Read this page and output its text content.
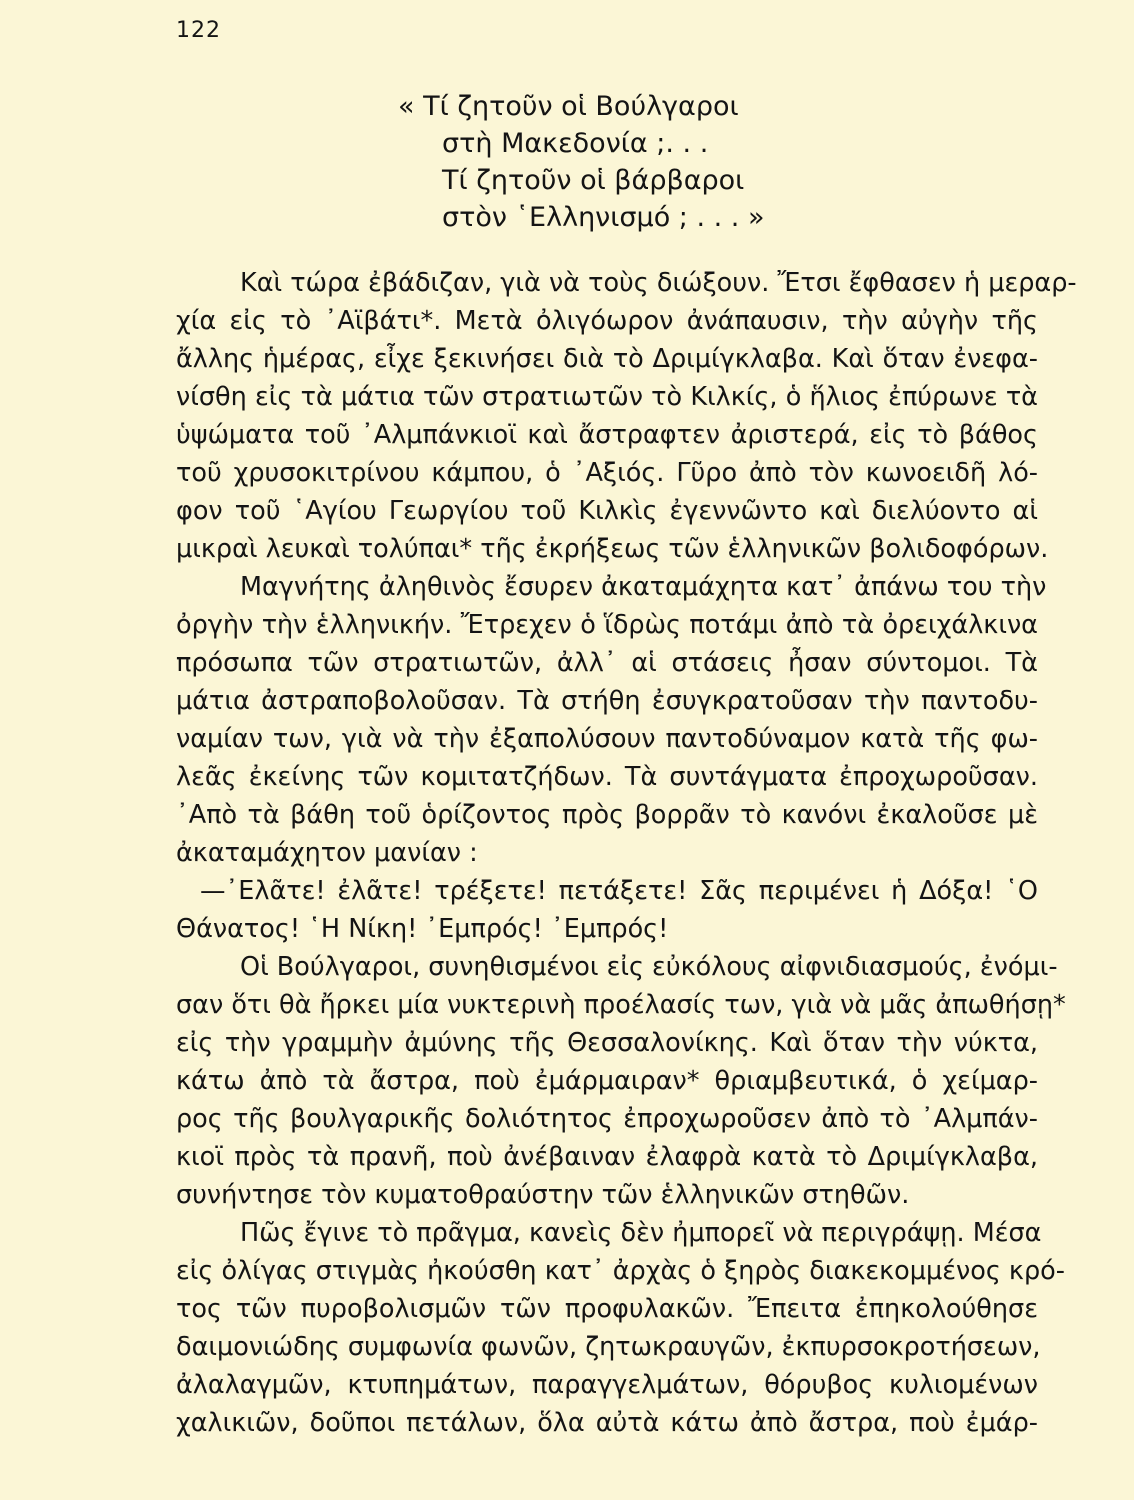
122
« Τί ζητοῦν οἱ Βούλγαροι
στὴ Μακεδονία ;. . .
Τί ζητοῦν οἱ βάρβαροι
στὸν ῾Ελληνισμό ; . . . »
Καὶ τώρα ἐβάδιζαν, γιὰ νὰ τοὺς διώξουν. Ἔτσι ἔφθασεν ἡ μεραρ-
χία εἰς τὸ ᾿Αϊβάτι*. Μετὰ ὀλιγόωρον ἀνάπαυσιν, τὴν αὐγὴν τῆς
ἄλλης ἡμέρας, εἶχε ξεκινήσει διὰ τὸ Δριμίγκλαβα. Καὶ ὅταν ἐνεφα-
νίσθη εἰς τὰ μάτια τῶν στρατιωτῶν τὸ Κιλκίς, ὁ ἥλιος ἐπύρωνε τὰ
ὑψώματα τοῦ ᾿Αλμπάνκιοϊ καὶ ἄστραφτεν ἀριστερά, εἰς τὸ βάθος
τοῦ χρυσοκιτρίνου κάμπου, ὁ ᾿Αξιός. Γῦρο ἀπὸ τὸν κωνοειδῆ λό-
φον τοῦ ῾Αγίου Γεωργίου τοῦ Κιλκὶς ἐγεννῶντο καὶ διελύοντο αἱ
μικραὶ λευκαὶ τολύπαι* τῆς ἐκρήξεως τῶν ἑλληνικῶν βολιδοφόρων.
Μαγνήτης ἀληθινὸς ἔσυρεν ἀκαταμάχητα κατ᾿ ἀπάνω του τὴν
ὀργὴν τὴν ἑλληνικήν. Ἔτρεχεν ὁ ἵδρὼς ποτάμι ἀπὸ τὰ ὀρειχάλκινα
πρόσωπα τῶν στρατιωτῶν, ἀλλ᾿ αἱ στάσεις ἦσαν σύντομοι. Τὰ
μάτια ἀστραποβολοῦσαν. Τὰ στήθη ἐσυγκρατοῦσαν τὴν παντοδυ-
ναμίαν των, γιὰ νὰ τὴν ἐξαπολύσουν παντοδύναμον κατὰ τῆς φω-
λεᾶς ἐκείνης τῶν κομιτατζήδων. Τὰ συντάγματα ἐπροχωροῦσαν.
᾿Απὸ τὰ βάθη τοῦ ὁρίζοντος πρὸς βορρᾶν τὸ κανόνι ἐκαλοῦσε μὲ
ἀκαταμάχητον μανίαν :
—᾿Ελᾶτε! ἐλᾶτε! τρέξετε! πετάξετε! Σᾶς περιμένει ἡ Δόξα! ῾Ο
Θάνατος! ῾Η Νίκη! ᾿Εμπρός! ᾿Εμπρός!
Οἱ Βούλγαροι, συνηθισμένοι εἰς εὐκόλους αἰφνιδιασμούς, ἐνόμι-
σαν ὅτι θὰ ἤρκει μία νυκτερινὴ προέλασίς των, γιὰ νὰ μᾶς ἀπωθήσῃ*
εἰς τὴν γραμμὴν ἀμύνης τῆς Θεσσαλονίκης. Καὶ ὅταν τὴν νύκτα,
κάτω ἀπὸ τὰ ἄστρα, ποὺ ἐμάρμαιραν* θριαμβευτικά, ὁ χείμαρ-
ρος τῆς βουλγαρικῆς δολιότητος ἐπροχωροῦσεν ἀπὸ τὸ ᾿Αλμπάν-
κιοϊ πρὸς τὰ πρανῆ, ποὺ ἀνέβαιναν ἐλαφρὰ κατὰ τὸ Δριμίγκλαβα,
συνήντησε τὸν κυματοθραύστην τῶν ἑλληνικῶν στηθῶν.
Πῶς ἔγινε τὸ πρᾶγμα, κανεὶς δὲν ἠμπορεῖ νὰ περιγράψῃ. Μέσα
εἰς ὀλίγας στιγμὰς ἠκούσθη κατ᾿ ἀρχὰς ὁ ξηρὸς διακεκομμένος κρό-
τος τῶν πυροβολισμῶν τῶν προφυλακῶν. Ἔπειτα ἐπηκολούθησε
δαιμονιώδης συμφωνία φωνῶν, ζητωκραυγῶν, ἐκπυρσοκροτήσεων,
ἀλαλαγμῶν, κτυπημάτων, παραγγελμάτων, θόρυβος κυλιομένων
χαλικιῶν, δοῦποι πετάλων, ὅλα αὐτὰ κάτω ἀπὸ ἄστρα, ποὺ ἐμάρ-
